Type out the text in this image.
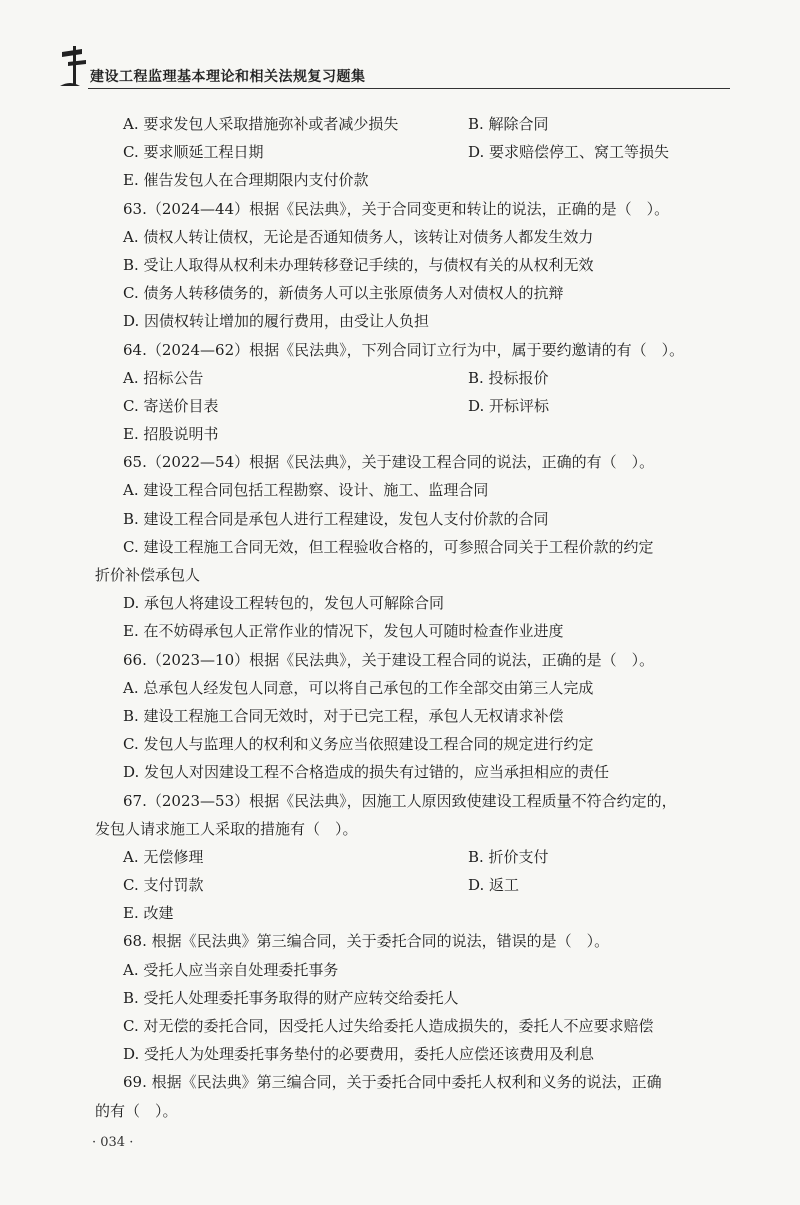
建设工程监理基本理论和相关法规复习题集
A. 要求发包人采取措施弥补或者减少损失	B. 解除合同
C. 要求顺延工程日期	D. 要求赔偿停工、窝工等损失
E. 催告发包人在合理期限内支付价款
63.（2024—44）根据《民法典》，关于合同变更和转让的说法，正确的是（　）。
A. 债权人转让债权，无论是否通知债务人，该转让对债务人都发生效力
B. 受让人取得从权利未办理转移登记手续的，与债权有关的从权利无效
C. 债务人转移债务的，新债务人可以主张原债务人对债权人的抗辩
D. 因债权转让增加的履行费用，由受让人负担
64.（2024—62）根据《民法典》，下列合同订立行为中，属于要约邀请的有（　）。
A. 招标公告	B. 投标报价
C. 寄送价目表	D. 开标评标
E. 招股说明书
65.（2022—54）根据《民法典》，关于建设工程合同的说法，正确的有（　）。
A. 建设工程合同包括工程勘察、设计、施工、监理合同
B. 建设工程合同是承包人进行工程建设，发包人支付价款的合同
C. 建设工程施工合同无效，但工程验收合格的，可参照合同关于工程价款的约定
折价补偿承包人
D. 承包人将建设工程转包的，发包人可解除合同
E. 在不妨碍承包人正常作业的情况下，发包人可随时检查作业进度
66.（2023—10）根据《民法典》，关于建设工程合同的说法，正确的是（　）。
A. 总承包人经发包人同意，可以将自己承包的工作全部交由第三人完成
B. 建设工程施工合同无效时，对于已完工程，承包人无权请求补偿
C. 发包人与监理人的权利和义务应当依照建设工程合同的规定进行约定
D. 发包人对因建设工程不合格造成的损失有过错的，应当承担相应的责任
67.（2023—53）根据《民法典》，因施工人原因致使建设工程质量不符合约定的，
发包人请求施工人采取的措施有（　）。
A. 无偿修理	B. 折价支付
C. 支付罚款	D. 返工
E. 改建
68. 根据《民法典》第三编合同，关于委托合同的说法，错误的是（　）。
A. 受托人应当亲自处理委托事务
B. 受托人处理委托事务取得的财产应转交给委托人
C. 对无偿的委托合同，因受托人过失给委托人造成损失的，委托人不应要求赔偿
D. 受托人为处理委托事务垫付的必要费用，委托人应偿还该费用及利息
69. 根据《民法典》第三编合同，关于委托合同中委托人权利和义务的说法，正确
的有（　）。
· 034 ·
